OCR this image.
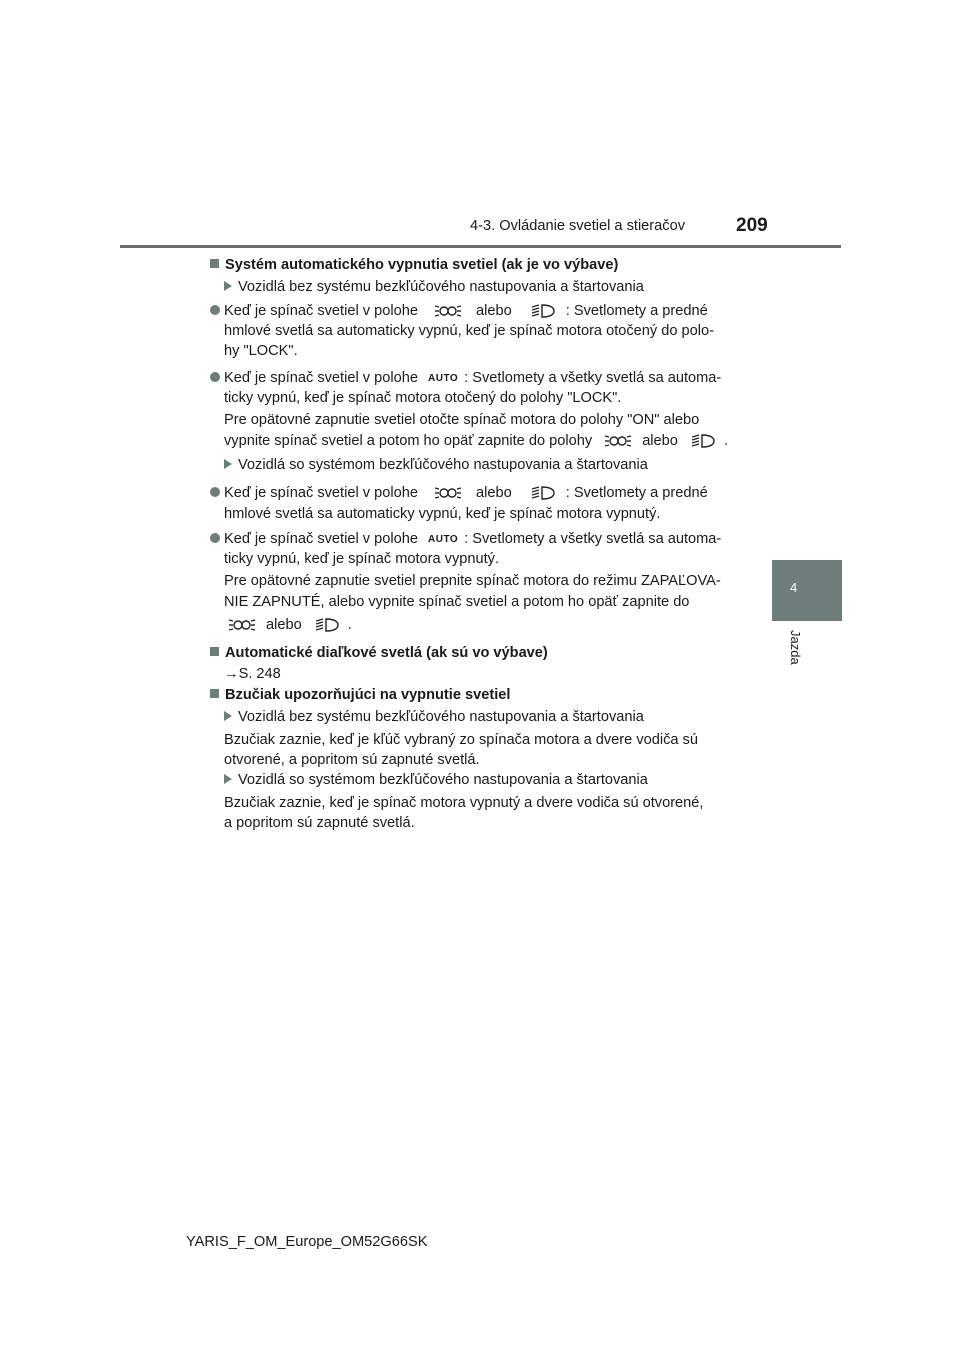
4-3. Ovládanie svetiel a stieračov	209
4
Jazda
Systém automatického vypnutia svetiel (ak je vo výbave)
Vozidlá bez systému bezkľúčového nastupovania a štartovania
Keď je spínač svetiel v polohe	alebo	: Svetlomety a predné
hmlové svetlá sa automaticky vypnú, keď je spínač motora otočený do polo-
hy "LOCK".
Keď je spínač svetiel v polohe AUTO : Svetlomety a všetky svetlá sa automa-
ticky vypnú, keď je spínač motora otočený do polohy "LOCK".
Pre opätovné zapnutie svetiel otočte spínač motora do polohy "ON" alebo
vypnite spínač svetiel a potom ho opäť zapnite do polohy	alebo	.
Vozidlá so systémom bezkľúčového nastupovania a štartovania
Keď je spínač svetiel v polohe	alebo	: Svetlomety a predné
hmlové svetlá sa automaticky vypnú, keď je spínač motora vypnutý.
Keď je spínač svetiel v polohe AUTO : Svetlomety a všetky svetlá sa automa-
ticky vypnú, keď je spínač motora vypnutý.
Pre opätovné zapnutie svetiel prepnite spínač motora do režimu ZAPAĽOVA-
NIE ZAPNUTÉ, alebo vypnite spínač svetiel a potom ho opäť zapnite do
alebo	.
Automatické diaľkové svetlá (ak sú vo výbave)
→S. 248
Bzučiak upozorňujúci na vypnutie svetiel
Vozidlá bez systému bezkľúčového nastupovania a štartovania
Bzučiak zaznie, keď je kľúč vybraný zo spínača motora a dvere vodiča sú
otvorené, a popritom sú zapnuté svetlá.
Vozidlá so systémom bezkľúčového nastupovania a štartovania
Bzučiak zaznie, keď je spínač motora vypnutý a dvere vodiča sú otvorené,
a popritom sú zapnuté svetlá.
YARIS_F_OM_Europe_OM52G66SK
